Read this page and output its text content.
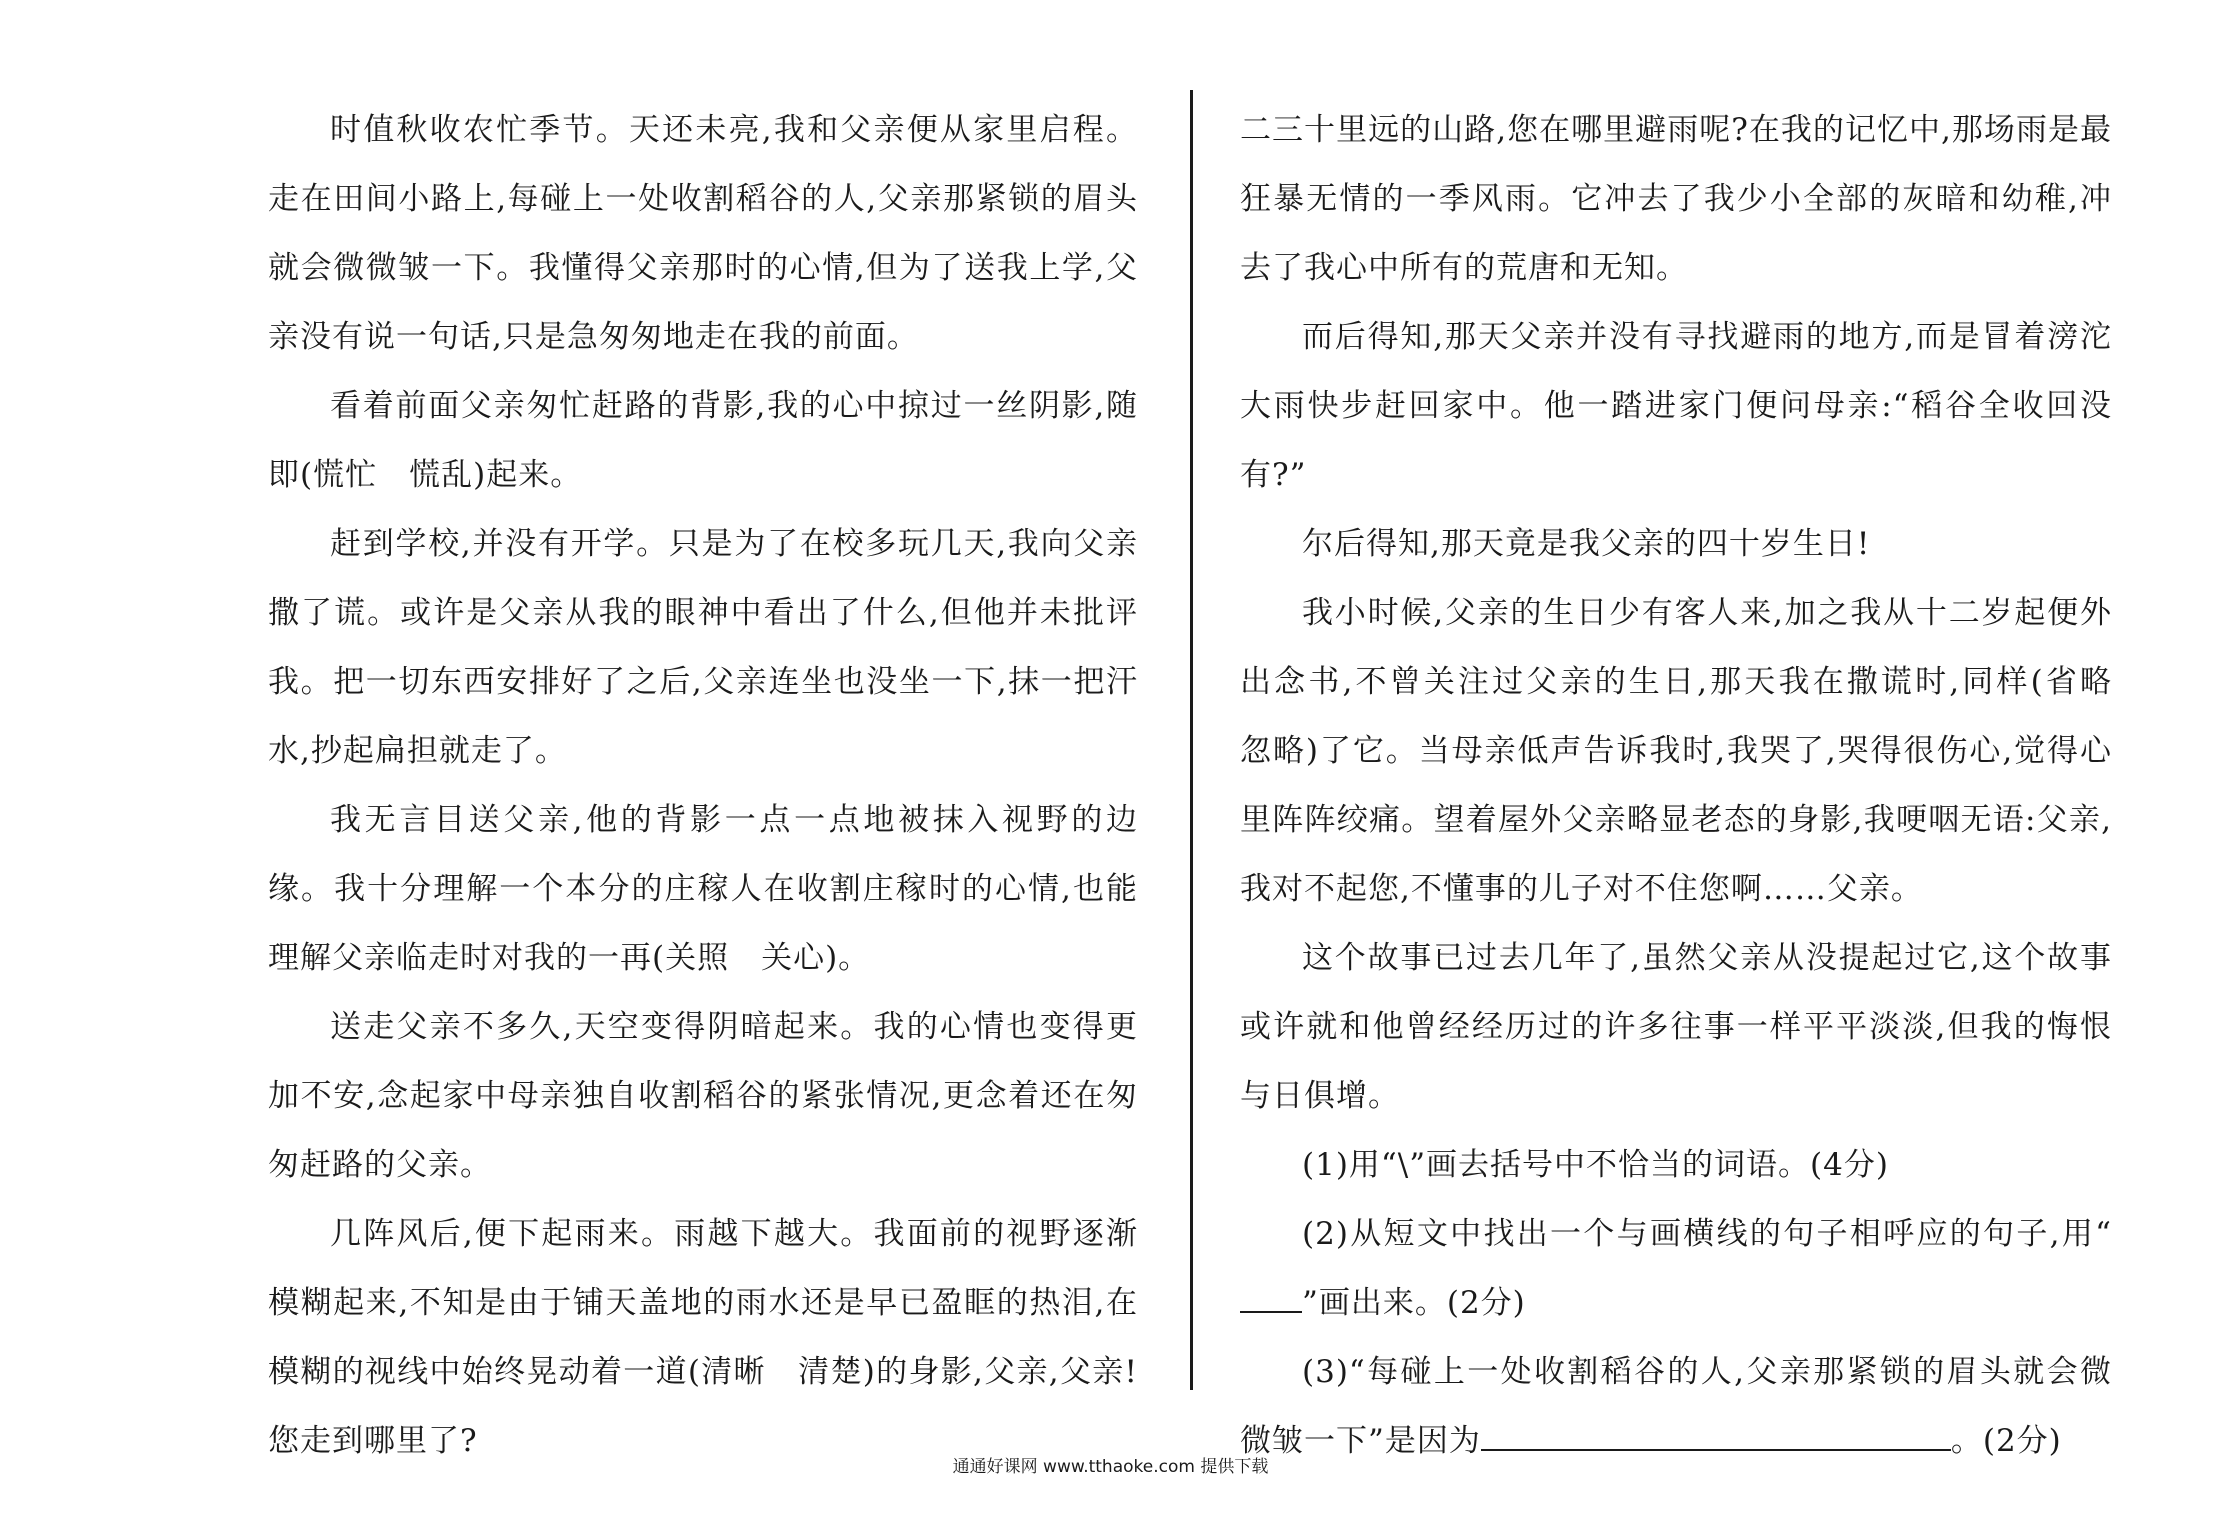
时值秋收农忙季节。天还未亮,我和父亲便从家里启程。走在田间小路上,每碰上一处收割稻谷的人,父亲那紧锁的眉头就会微微皱一下。我懂得父亲那时的心情,但为了送我上学,父亲没有说一句话,只是急匆匆地走在我的前面。

看着前面父亲匆忙赶路的背影,我的心中掠过一丝阴影,随即(慌忙　慌乱)起来。

赶到学校,并没有开学。只是为了在校多玩几天,我向父亲撒了谎。或许是父亲从我的眼神中看出了什么,但他并未批评我。把一切东西安排好了之后,父亲连坐也没坐一下,抹一把汗水,抄起扁担就走了。

我无言目送父亲,他的背影一点一点地被抹入视野的边缘。我十分理解一个本分的庄稼人在收割庄稼时的心情,也能理解父亲临走时对我的一再(关照　关心)。

送走父亲不多久,天空变得阴暗起来。我的心情也变得更加不安,念起家中母亲独自收割稻谷的紧张情况,更念着还在匆匆赶路的父亲。

几阵风后,便下起雨来。雨越下越大。我面前的视野逐渐模糊起来,不知是由于铺天盖地的雨水还是早已盈眶的热泪,在模糊的视线中始终晃动着一道(清晰　清楚)的身影,父亲,父亲!您走到哪里了?

二三十里远的山路,您在哪里避雨呢?在我的记忆中,那场雨是最狂暴无情的一季风雨。它冲去了我少小全部的灰暗和幼稚,冲去了我心中所有的荒唐和无知。

而后得知,那天父亲并没有寻找避雨的地方,而是冒着滂沱大雨快步赶回家中。他一踏进家门便问母亲:“稻谷全收回没有?”

尔后得知,那天竟是我父亲的四十岁生日!

我小时候,父亲的生日少有客人来,加之我从十二岁起便外出念书,不曾关注过父亲的生日,那天我在撒谎时,同样(省略　忽略)了它。当母亲低声告诉我时,我哭了,哭得很伤心,觉得心里阵阵绞痛。望着屋外父亲略显老态的身影,我哽咽无语:父亲,我对不起您,不懂事的儿子对不住您啊……父亲。

这个故事已过去几年了,虽然父亲从没提起过它,这个故事或许就和他曾经经历过的许多往事一样平平淡淡,但我的悔恨与日俱增。

(1)用“\”画去括号中不恰当的词语。(4分)

(2)从短文中找出一个与画横线的句子相呼应的句子,用“”画出来。(2分)

(3)“每碰上一处收割稻谷的人,父亲那紧锁的眉头就会微微皱一下”是因为	。(2分)

通通好课网 www.tthaoke.com 提供下载
